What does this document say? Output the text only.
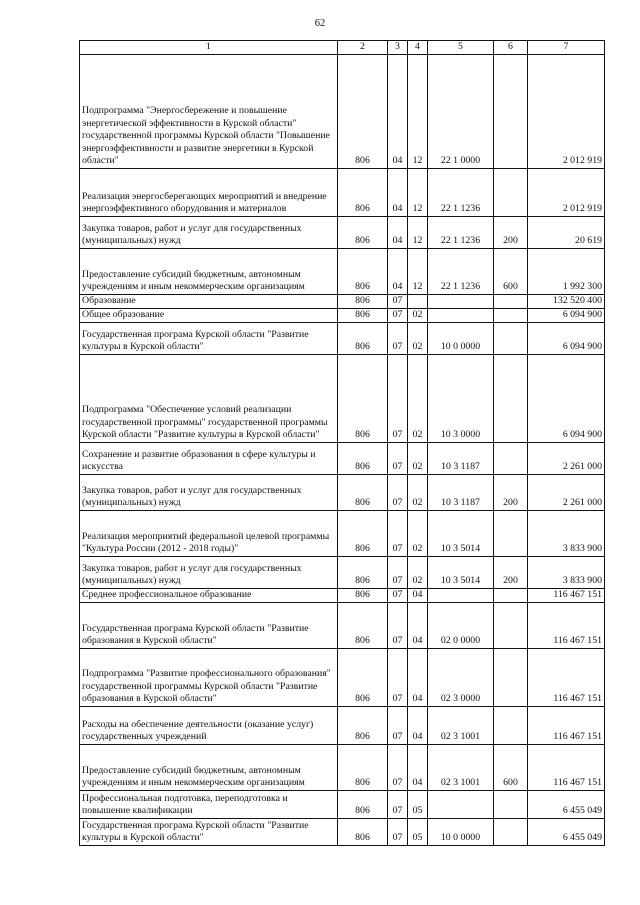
62
1	2	3	4	5	6	7
Подпрограмма "Энергосбережение и повышение энергетической эффективности в Курской области" государственной программы Курской области "Повышение энергоэффективности и развитие энергетики в Курской области"	806	04	12	22 1 0000		2 012 919
Реализация энергосберегающих мероприятий и внедрение энергоэффективного оборудования и материалов	806	04	12	22 1 1236		2 012 919
Закупка товаров, работ и услуг для государственных (муниципальных) нужд	806	04	12	22 1 1236	200	20 619
Предоставление субсидий бюджетным, автономным учреждениям и иным некоммерческим организациям	806	04	12	22 1 1236	600	1 992 300
Образование	806	07				132 520 400
Общее образование	806	07	02			6 094 900
Государственная програма Курской области "Развитие культуры в Курской области"	806	07	02	10 0 0000		6 094 900
Подпрограмма "Обеспечение условий реализации государственной программы" государственной программы Курской области "Развитие культуры в Курской области"	806	07	02	10 3 0000		6 094 900
Сохранение и развитие образования в сфере культуры и искусства	806	07	02	10 3 1187		2 261 000
Закупка товаров, работ и услуг для государственных (муниципальных) нужд	806	07	02	10 3 1187	200	2 261 000
Реализация мероприятий федеральной целевой программы "Культура России (2012 - 2018 годы)"	806	07	02	10 3 5014		3 833 900
Закупка товаров, работ и услуг для государственных (муниципальных) нужд	806	07	02	10 3 5014	200	3 833 900
Среднее профессиональное образование	806	07	04			116 467 151
Государственная програма Курской области "Развитие образования в Курской области"	806	07	04	02 0 0000		116 467 151
Подпрограмма "Развитие профессионального образования" государственной программы Курской области "Развитие образования в Курской области"	806	07	04	02 3 0000		116 467 151
Расходы на обеспечение деятельности (оказание услуг) государственных учреждений	806	07	04	02 3 1001		116 467 151
Предоставление субсидий бюджетным, автономным учреждениям и иным некоммерческим организациям	806	07	04	02 3 1001	600	116 467 151
Профессиональная подготовка, переподготовка и повышение квалификации	806	07	05			6 455 049
Государственная програма Курской области "Развитие культуры в Курской области"	806	07	05	10 0 0000		6 455 049
